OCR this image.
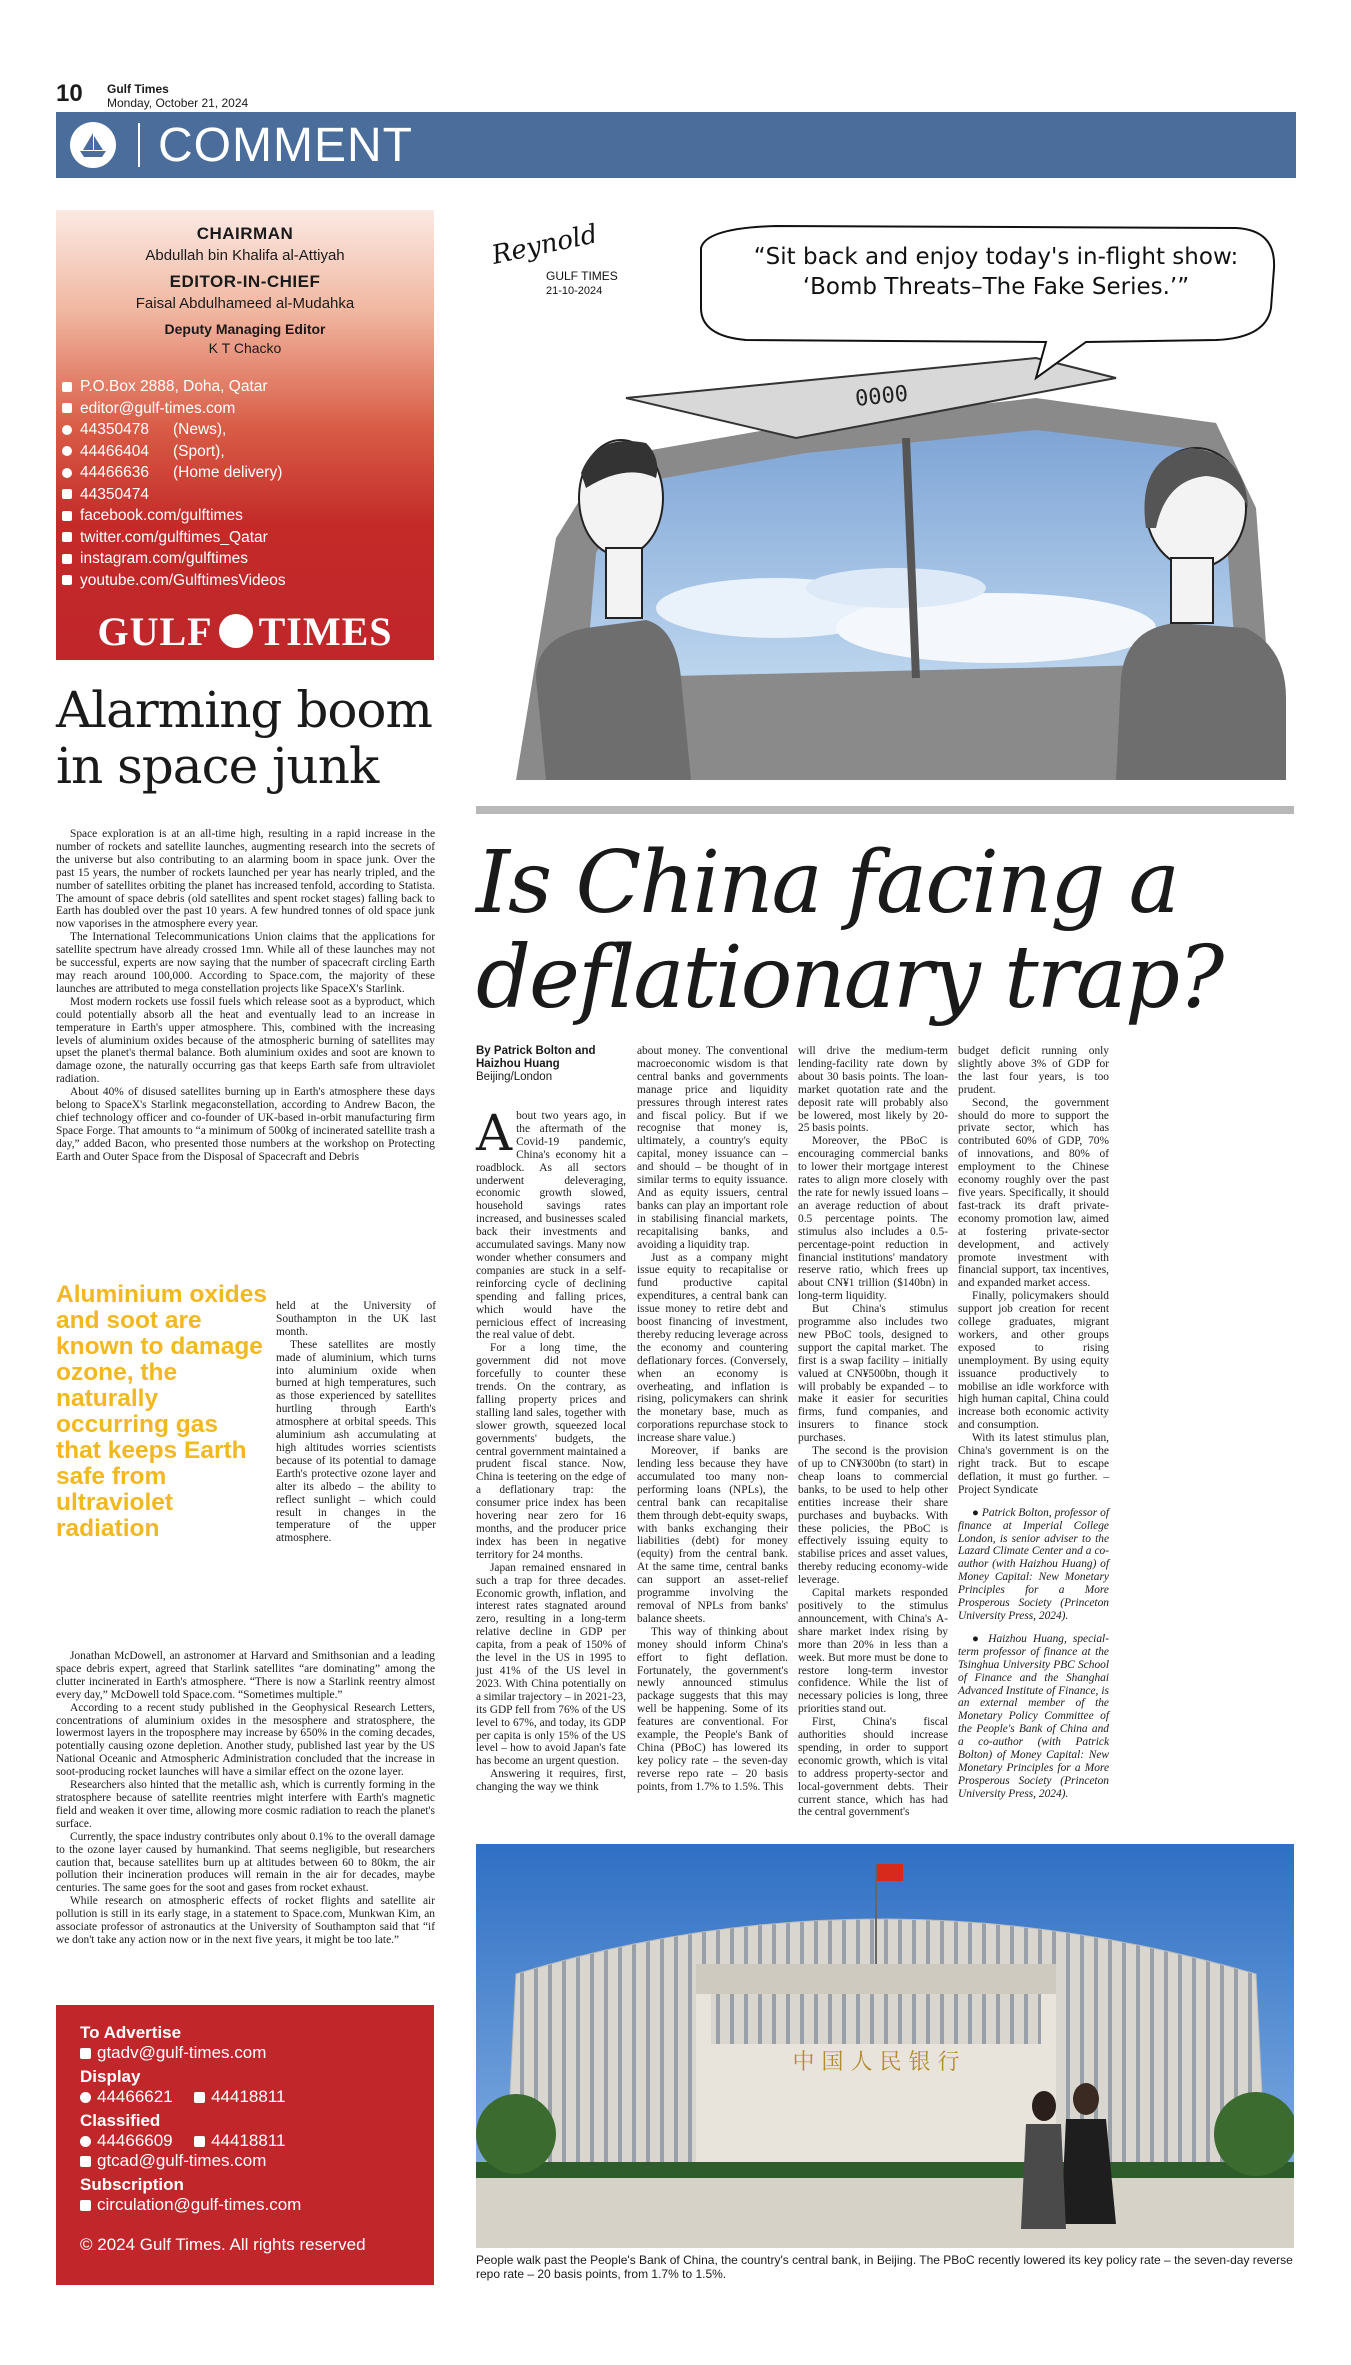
10 Gulf Times
Monday, October 21, 2024
COMMENT
CHAIRMAN
Abdullah bin Khalifa al-Attiyah
EDITOR-IN-CHIEF
Faisal Abdulhameed al-Mudahka
Deputy Managing Editor
K T Chacko
P.O.Box 2888, Doha, Qatar
editor@gulf-times.com
44350478 (News),
44466404 (Sport),
44466636 (Home delivery)
44350474
facebook.com/gulftimes
twitter.com/gulftimes_Qatar
instagram.com/gulftimes
youtube.com/GulftimesVideos
GULF TIMES
Alarming boom in space junk

Space exploration is at an all-time high, resulting in a rapid increase in the number of rockets and satellite launches, augmenting research into the secrets of the universe but also contributing to an alarming boom in space junk. Over the past 15 years, the number of rockets launched per year has nearly tripled, and the number of satellites orbiting the planet has increased tenfold, according to Statista. The amount of space debris (old satellites and spent rocket stages) falling back to Earth has doubled over the past 10 years. A few hundred tonnes of old space junk now vaporises in the atmosphere every year.

The International Telecommunications Union claims that the applications for satellite spectrum have already crossed 1mn. While all of these launches may not be successful, experts are now saying that the number of spacecraft circling Earth may reach around 100,000. According to Space.com, the majority of these launches are attributed to mega constellation projects like SpaceX's Starlink.

Most modern rockets use fossil fuels which release soot as a byproduct, which could potentially absorb all the heat and eventually lead to an increase in temperature in Earth's upper atmosphere. This, combined with the increasing levels of aluminium oxides because of the atmospheric burning of satellites may upset the planet's thermal balance. Both aluminium oxides and soot are known to damage ozone, the naturally occurring gas that keeps Earth safe from ultraviolet radiation.

About 40% of disused satellites burning up in Earth's atmosphere these days belong to SpaceX's Starlink megaconstellation, according to Andrew Bacon, the chief technology officer and co-founder of UK-based in-orbit manufacturing firm Space Forge. That amounts to “a minimum of 500kg of incinerated satellite trash a day,” added Bacon, who presented those numbers at the workshop on Protecting Earth and Outer Space from the Disposal of Spacecraft and Debris

Aluminium oxides and soot are known to damage ozone, the naturally occurring gas that keeps Earth safe from ultraviolet radiation

held at the University of Southampton in the UK last month.

These satellites are mostly made of aluminium, which turns into aluminium oxide when burned at high temperatures, such as those experienced by satellites hurtling through Earth's atmosphere at orbital speeds. This aluminium ash accumulating at high altitudes worries scientists because of its potential to damage Earth's protective ozone layer and alter its albedo – the ability to reflect sunlight – which could result in changes in the temperature of the upper atmosphere.

Jonathan McDowell, an astronomer at Harvard and Smithsonian and a leading space debris expert, agreed that Starlink satellites “are dominating” among the clutter incinerated in Earth's atmosphere. “There is now a Starlink reentry almost every day,” McDowell told Space.com. “Sometimes multiple.”

According to a recent study published in the Geophysical Research Letters, concentrations of aluminium oxides in the mesosphere and stratosphere, the lowermost layers in the troposphere may increase by 650% in the coming decades, potentially causing ozone depletion. Another study, published last year by the US National Oceanic and Atmospheric Administration concluded that the increase in soot-producing rocket launches will have a similar effect on the ozone layer.

Researchers also hinted that the metallic ash, which is currently forming in the stratosphere because of satellite reentries might interfere with Earth's magnetic field and weaken it over time, allowing more cosmic radiation to reach the planet's surface.

Currently, the space industry contributes only about 0.1% to the overall damage to the ozone layer caused by humankind. That seems negligible, but researchers caution that, because satellites burn up at altitudes between 60 to 80km, the air pollution their incineration produces will remain in the air for decades, maybe centuries. The same goes for the soot and gases from rocket exhaust.

While research on atmospheric effects of rocket flights and satellite air pollution is still in its early stage, in a statement to Space.com, Munkwan Kim, an associate professor of astronautics at the University of Southampton said that “if we don't take any action now or in the next five years, it might be too late.”

To Advertise
gtadv@gulf-times.com
Display
44466621
44418811
Classified
44466609
44418811
gtcad@gulf-times.com
Subscription
circulation@gulf-times.com
© 2024 Gulf Times. All rights reserved
0000
“Sit back and enjoy today's in-flight show: ‘Bomb Threats–The Fake Series.’”
Reynold
GULF TIMES
21-10-2024
Is China facing a deflationary trap?
By Patrick Bolton and Haizhou Huang
Beijing/London

About two years ago, in the aftermath of the Covid-19 pandemic, China's economy hit a roadblock. As all sectors underwent deleveraging, economic growth slowed, household savings rates increased, and businesses scaled back their investments and accumulated savings. Many now wonder whether consumers and companies are stuck in a self-reinforcing cycle of declining spending and falling prices, which would have the pernicious effect of increasing the real value of debt.

For a long time, the government did not move forcefully to counter these trends. On the contrary, as falling property prices and stalling land sales, together with slower growth, squeezed local governments' budgets, the central government maintained a prudent fiscal stance. Now, China is teetering on the edge of a deflationary trap: the consumer price index has been hovering near zero for 16 months, and the producer price index has been in negative territory for 24 months.

Japan remained ensnared in such a trap for three decades. Economic growth, inflation, and interest rates stagnated around zero, resulting in a long-term relative decline in GDP per capita, from a peak of 150% of the level in the US in 1995 to just 41% of the US level in 2023. With China potentially on a similar trajectory – in 2021-23, its GDP fell from 76% of the US level to 67%, and today, its GDP per capita is only 15% of the US level – how to avoid Japan's fate has become an urgent question.

Answering it requires, first, changing the way we think

about money. The conventional macroeconomic wisdom is that central banks and governments manage price and liquidity pressures through interest rates and fiscal policy. But if we recognise that money is, ultimately, a country's equity capital, money issuance can – and should – be thought of in similar terms to equity issuance. And as equity issuers, central banks can play an important role in stabilising financial markets, recapitalising banks, and avoiding a liquidity trap.

Just as a company might issue equity to recapitalise or fund productive capital expenditures, a central bank can issue money to retire debt and boost financing of investment, thereby reducing leverage across the economy and countering deflationary forces. (Conversely, when an economy is overheating, and inflation is rising, policymakers can shrink the monetary base, much as corporations repurchase stock to increase share value.)

Moreover, if banks are lending less because they have accumulated too many non-performing loans (NPLs), the central bank can recapitalise them through debt-equity swaps, with banks exchanging their liabilities (debt) for money (equity) from the central bank. At the same time, central banks can support an asset-relief programme involving the removal of NPLs from banks' balance sheets.

This way of thinking about money should inform China's effort to fight deflation. Fortunately, the government's newly announced stimulus package suggests that this may well be happening. Some of its features are conventional. For example, the People's Bank of China (PBoC) has lowered its key policy rate – the seven-day reverse repo rate – 20 basis points, from 1.7% to 1.5%. This

will drive the medium-term lending-facility rate down by about 30 basis points. The loan-market quotation rate and the deposit rate will probably also be lowered, most likely by 20-25 basis points.

Moreover, the PBoC is encouraging commercial banks to lower their mortgage interest rates to align more closely with the rate for newly issued loans – an average reduction of about 0.5 percentage points. The stimulus also includes a 0.5-percentage-point reduction in financial institutions' mandatory reserve ratio, which frees up about CN¥1 trillion ($140bn) in long-term liquidity.

But China's stimulus programme also includes two new PBoC tools, designed to support the capital market. The first is a swap facility – initially valued at CN¥500bn, though it will probably be expanded – to make it easier for securities firms, fund companies, and insurers to finance stock purchases.

The second is the provision of up to CN¥300bn (to start) in cheap loans to commercial banks, to be used to help other entities increase their share purchases and buybacks. With these policies, the PBoC is effectively issuing equity to stabilise prices and asset values, thereby reducing economy-wide leverage.

Capital markets responded positively to the stimulus announcement, with China's A-share market index rising by more than 20% in less than a week. But more must be done to restore long-term investor confidence. While the list of necessary policies is long, three priorities stand out.

First, China's fiscal authorities should increase spending, in order to support economic growth, which is vital to address property-sector and local-government debts. Their current stance, which has had the central government's

budget deficit running only slightly above 3% of GDP for the last four years, is too prudent.

Second, the government should do more to support the private sector, which has contributed 60% of GDP, 70% of innovations, and 80% of employment to the Chinese economy roughly over the past five years. Specifically, it should fast-track its draft private-economy promotion law, aimed at fostering private-sector development, and actively promote investment with financial support, tax incentives, and expanded market access.

Finally, policymakers should support job creation for recent college graduates, migrant workers, and other groups exposed to rising unemployment. By using equity issuance productively to mobilise an idle workforce with high human capital, China could increase both economic activity and consumption.

With its latest stimulus plan, China's government is on the right track. But to escape deflation, it must go further. – Project Syndicate

● Patrick Bolton, professor of finance at Imperial College London, is senior adviser to the Lazard Climate Center and a co-author (with Haizhou Huang) of Money Capital: New Monetary Principles for a More Prosperous Society (Princeton University Press, 2024).

● Haizhou Huang, special-term professor of finance at the Tsinghua University PBC School of Finance and the Shanghai Advanced Institute of Finance, is an external member of the Monetary Policy Committee of the People's Bank of China and a co-author (with Patrick Bolton) of Money Capital: New Monetary Principles for a More Prosperous Society (Princeton University Press, 2024).

中 国 人 民 银 行
People walk past the People's Bank of China, the country's central bank, in Beijing. The PBoC recently lowered its key policy rate – the seven-day reverse repo rate – 20 basis points, from 1.7% to 1.5%.
